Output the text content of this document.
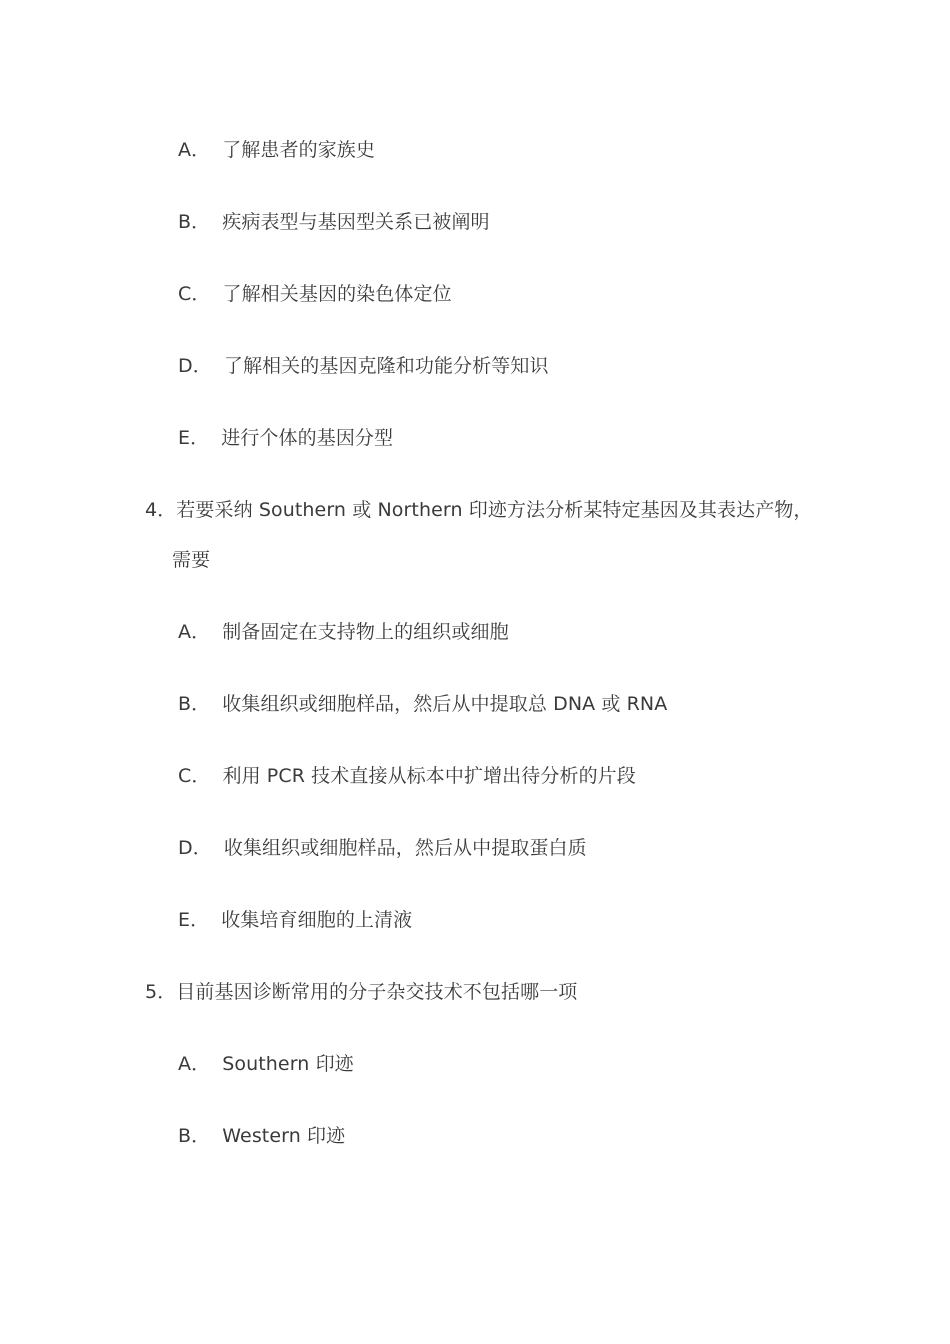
A． 了解患者的家族史
B． 疾病表型与基因型关系已被阐明
C． 了解相关基因的染色体定位
D． 了解相关的基因克隆和功能分析等知识
E． 进行个体的基因分型
4．若要采纳 Southern 或 Northern 印迹方法分析某特定基因及其表达产物，
需要
A． 制备固定在支持物上的组织或细胞
B． 收集组织或细胞样品，然后从中提取总 DNA 或 RNA
C． 利用 PCR 技术直接从标本中扩增出待分析的片段
D． 收集组织或细胞样品，然后从中提取蛋白质
E． 收集培育细胞的上清液
5．目前基因诊断常用的分子杂交技术不包括哪一项
A． Southern 印迹
B． Western 印迹
